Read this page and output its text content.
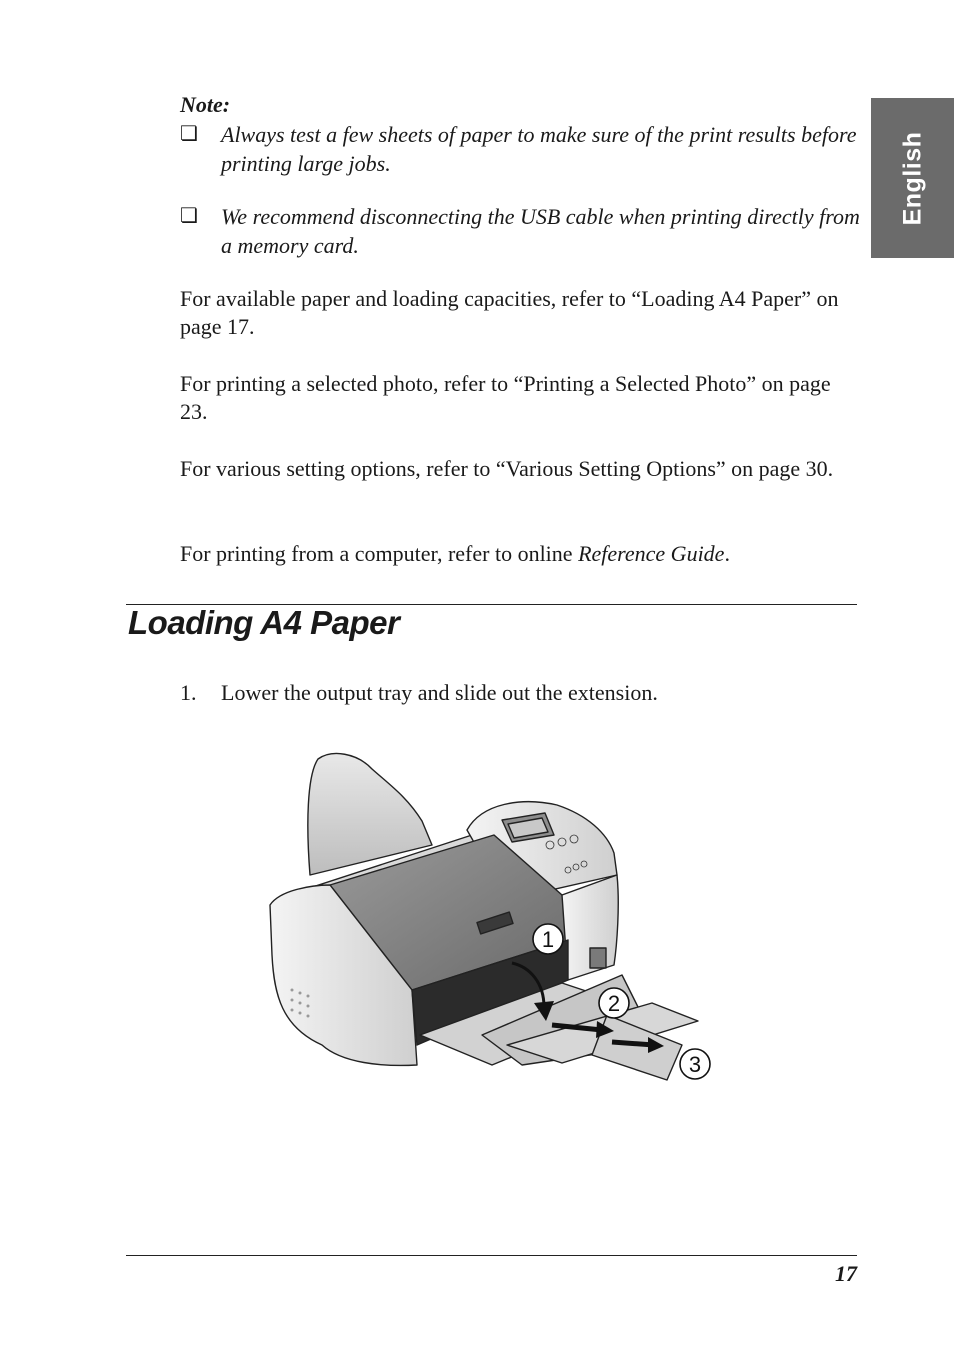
English
Note:
❏ Always test a few sheets of paper to make sure of the print results before printing large jobs.
❏ We recommend disconnecting the USB cable when printing directly from a memory card.
For available paper and loading capacities, refer to “Loading A4 Paper” on page 17.
For printing a selected photo, refer to “Printing a Selected Photo” on page 23.
For various setting options, refer to “Various Setting Options” on page 30.
For printing from a computer, refer to online Reference Guide.
Loading A4 Paper
1. Lower the output tray and slide out the extension.
1
2
3
17
